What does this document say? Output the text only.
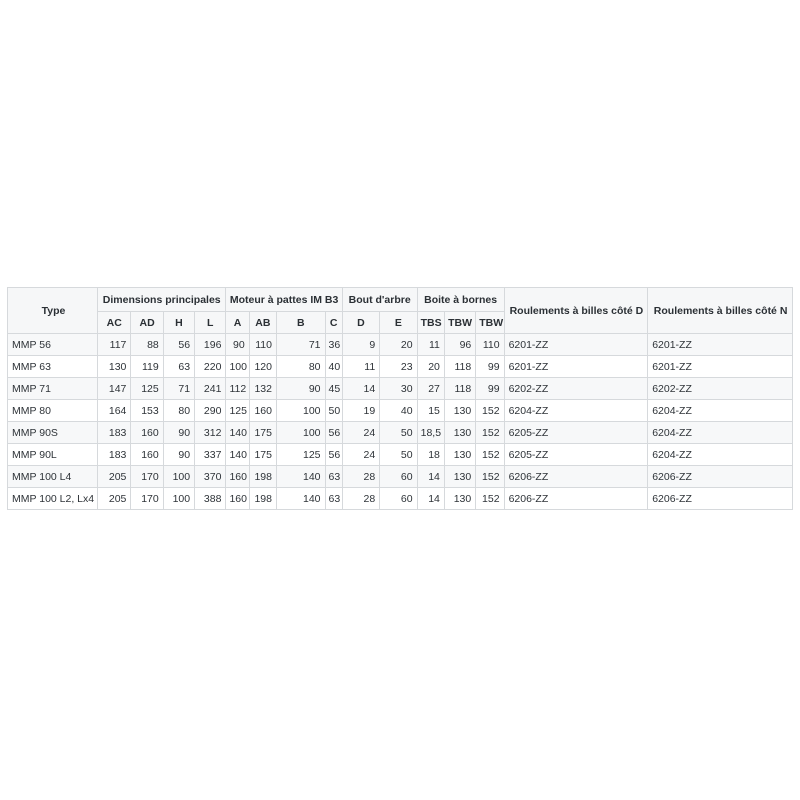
Type	Dimensions principales				Moteur à pattes IM B3				Bout d'arbre		Boite à bornes			Roulements à billes côté D	Roulements à billes côté N
	AC	AD	H	L	A	AB	B	C	D	E	TBS	TBW	TBW		
MMP 56	117	88	56	196	90	110	71	36	9	20	11	96	110	6201-ZZ	6201-ZZ
MMP 63	130	119	63	220	100	120	80	40	11	23	20	118	99	6201-ZZ	6201-ZZ
MMP 71	147	125	71	241	112	132	90	45	14	30	27	118	99	6202-ZZ	6202-ZZ
MMP 80	164	153	80	290	125	160	100	50	19	40	15	130	152	6204-ZZ	6204-ZZ
MMP 90S	183	160	90	312	140	175	100	56	24	50	18,5	130	152	6205-ZZ	6204-ZZ
MMP 90L	183	160	90	337	140	175	125	56	24	50	18	130	152	6205-ZZ	6204-ZZ
MMP 100 L4	205	170	100	370	160	198	140	63	28	60	14	130	152	6206-ZZ	6206-ZZ
MMP 100 L2, Lx4	205	170	100	388	160	198	140	63	28	60	14	130	152	6206-ZZ	6206-ZZ
